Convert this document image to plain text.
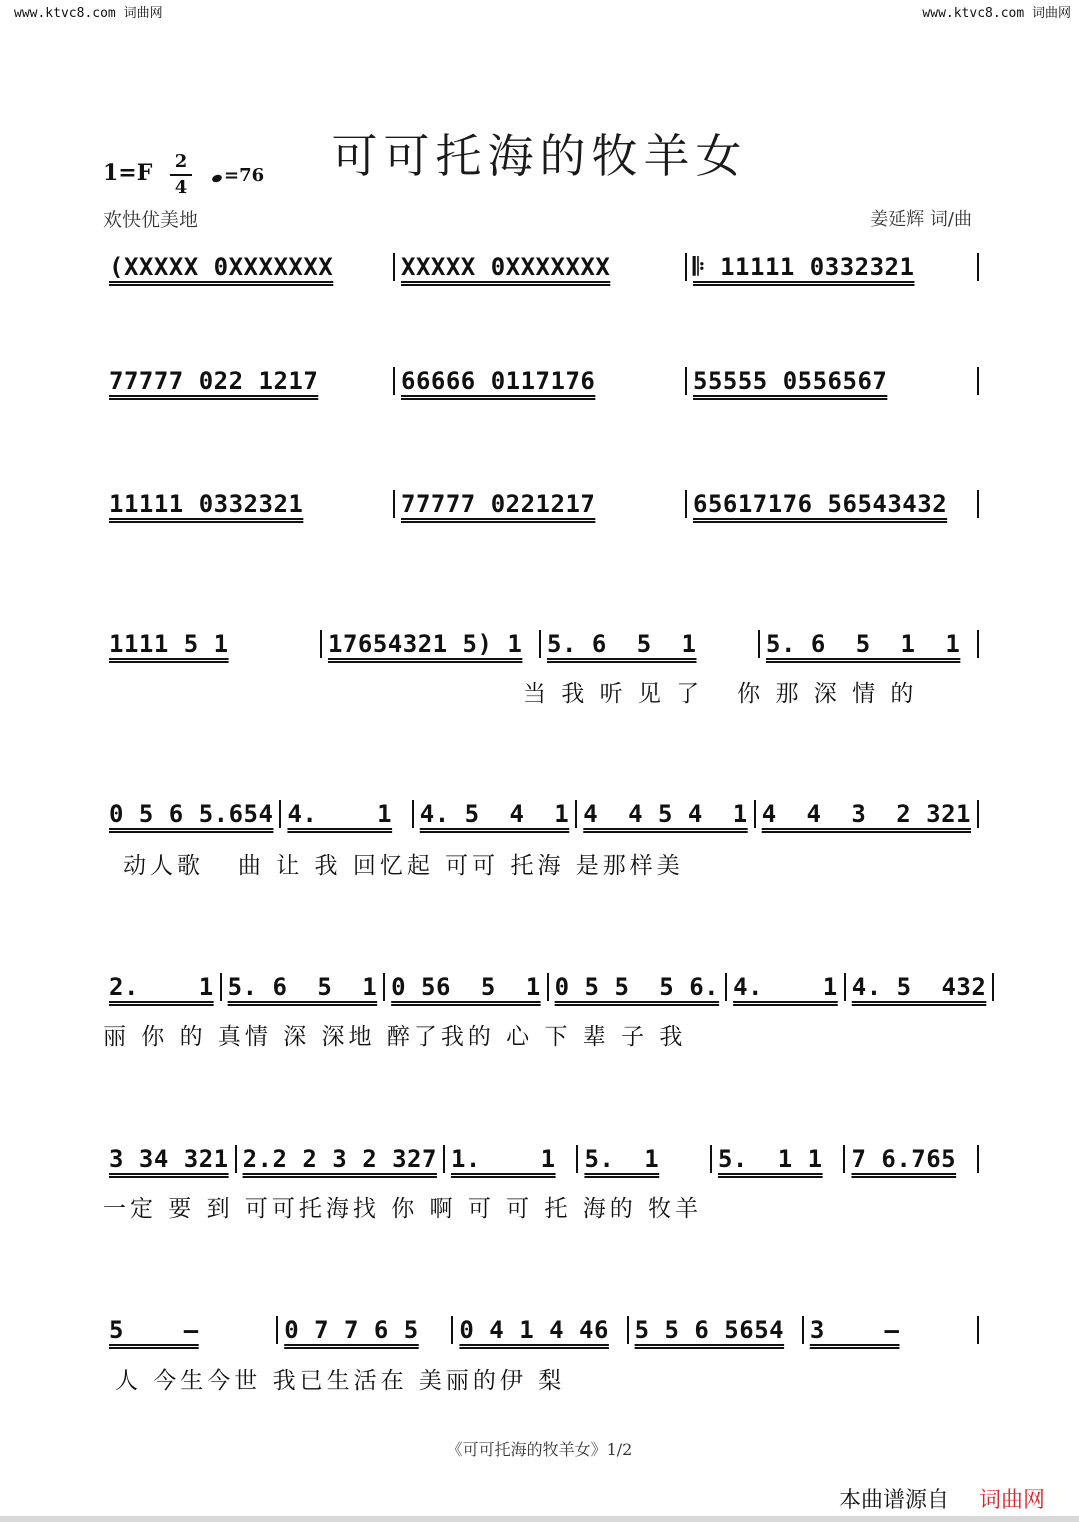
www.ktvc8.com 词曲网	www.ktvc8.com 词曲网
可可托海的牧羊女
1=F 2
4
=76
欢快优美地	姜延辉 词/曲
(XXXXX 0XXXXXXX	XXXXX 0XXXXXXX	𝄆 11111 0332321
77777 022 1217	66666 0117176	55555 0556567
11111 0332321	77777 0221217	65617176 56543432
1111 5 1	17654321 5) 1	5. 6  5  1	5. 6  5  1  1
当 我 听 见 了   你 那 深 情 的
0 5 6 5.654 4.    1	4. 5  4  1 4  4 5 4  1 4  4  3  2 321
动人歌   曲 让 我 回忆起 可可 托海 是那样美
2.    1 5. 6  5  1 0 56  5  1 0 5 5  5 6. 4.    1 4. 5  432
丽 你 的 真情 深 深地 醉了我的 心 下 辈 子 我
3 34 321 2.2 2 3 2 327 1.    1	5.  1	5.  1 1	7 6.765
一定 要 到 可可托海找 你 啊 可 可 托 海的 牧羊
5    –	0 7 7 6 5	0 4 1 4 46	5 5 6 5654	3    –
人 今生今世 我已生活在 美丽的伊 梨
《可可托海的牧羊女》1/2
本曲谱源自 词曲网
